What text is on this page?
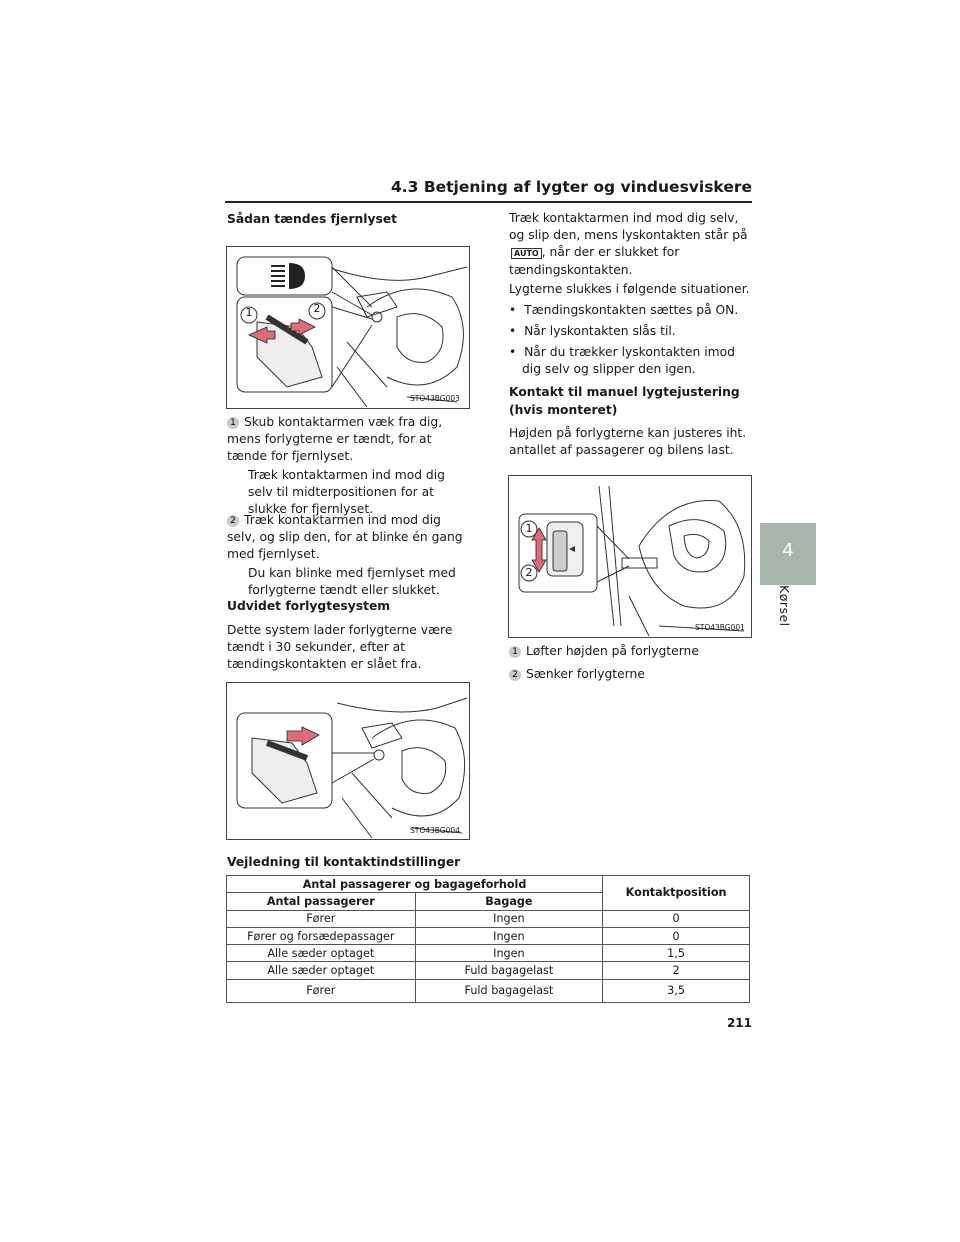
4.3 Betjening af lygter og vinduesviskere
4
Kørsel
Sådan tændes fjernlyset
1	2
STO43BG003

1 Skub kontaktarmen væk fra dig, mens forlygterne er tændt, for at tænde for fjernlyset.

Træk kontaktarmen ind mod dig selv til midterpositionen for at slukke for fjernlyset.

2 Træk kontaktarmen ind mod dig selv, og slip den, for at blinke én gang med fjernlyset.

Du kan blinke med fjernlyset med forlygterne tændt eller slukket.

Udvidet forlygtesystem
Dette system lader forlygterne være tændt i 30 sekunder, efter at tændingskontakten er slået fra.
STO43BG004
Træk kontaktarmen ind mod dig selv, og slip den, mens lyskontakten står på AUTO , når der er slukket for tændingskontakten.
Lygterne slukkes i følgende situationer.

•  Tændingskontakten sættes på ON.

•  Når lyskontakten slås til.

•  Når du trækker lyskontakten imod dig selv og slipper den igen.

Kontakt til manuel lygtejustering (hvis monteret)
Højden på forlygterne kan justeres iht. antallet af passagerer og bilens last.
1
2
STO43BG001
1 Løfter højden på forlygterne
2 Sænker forlygterne
Vejledning til kontaktindstillinger
Antal passagerer og bagageforhold		Kontaktposition
Antal passagerer	Bagage	
Fører	Ingen	0
Fører og forsædepassager	Ingen	0
Alle sæder optaget	Ingen	1,5
Alle sæder optaget	Fuld bagagelast	2
Fører	Fuld bagagelast	3,5
211
